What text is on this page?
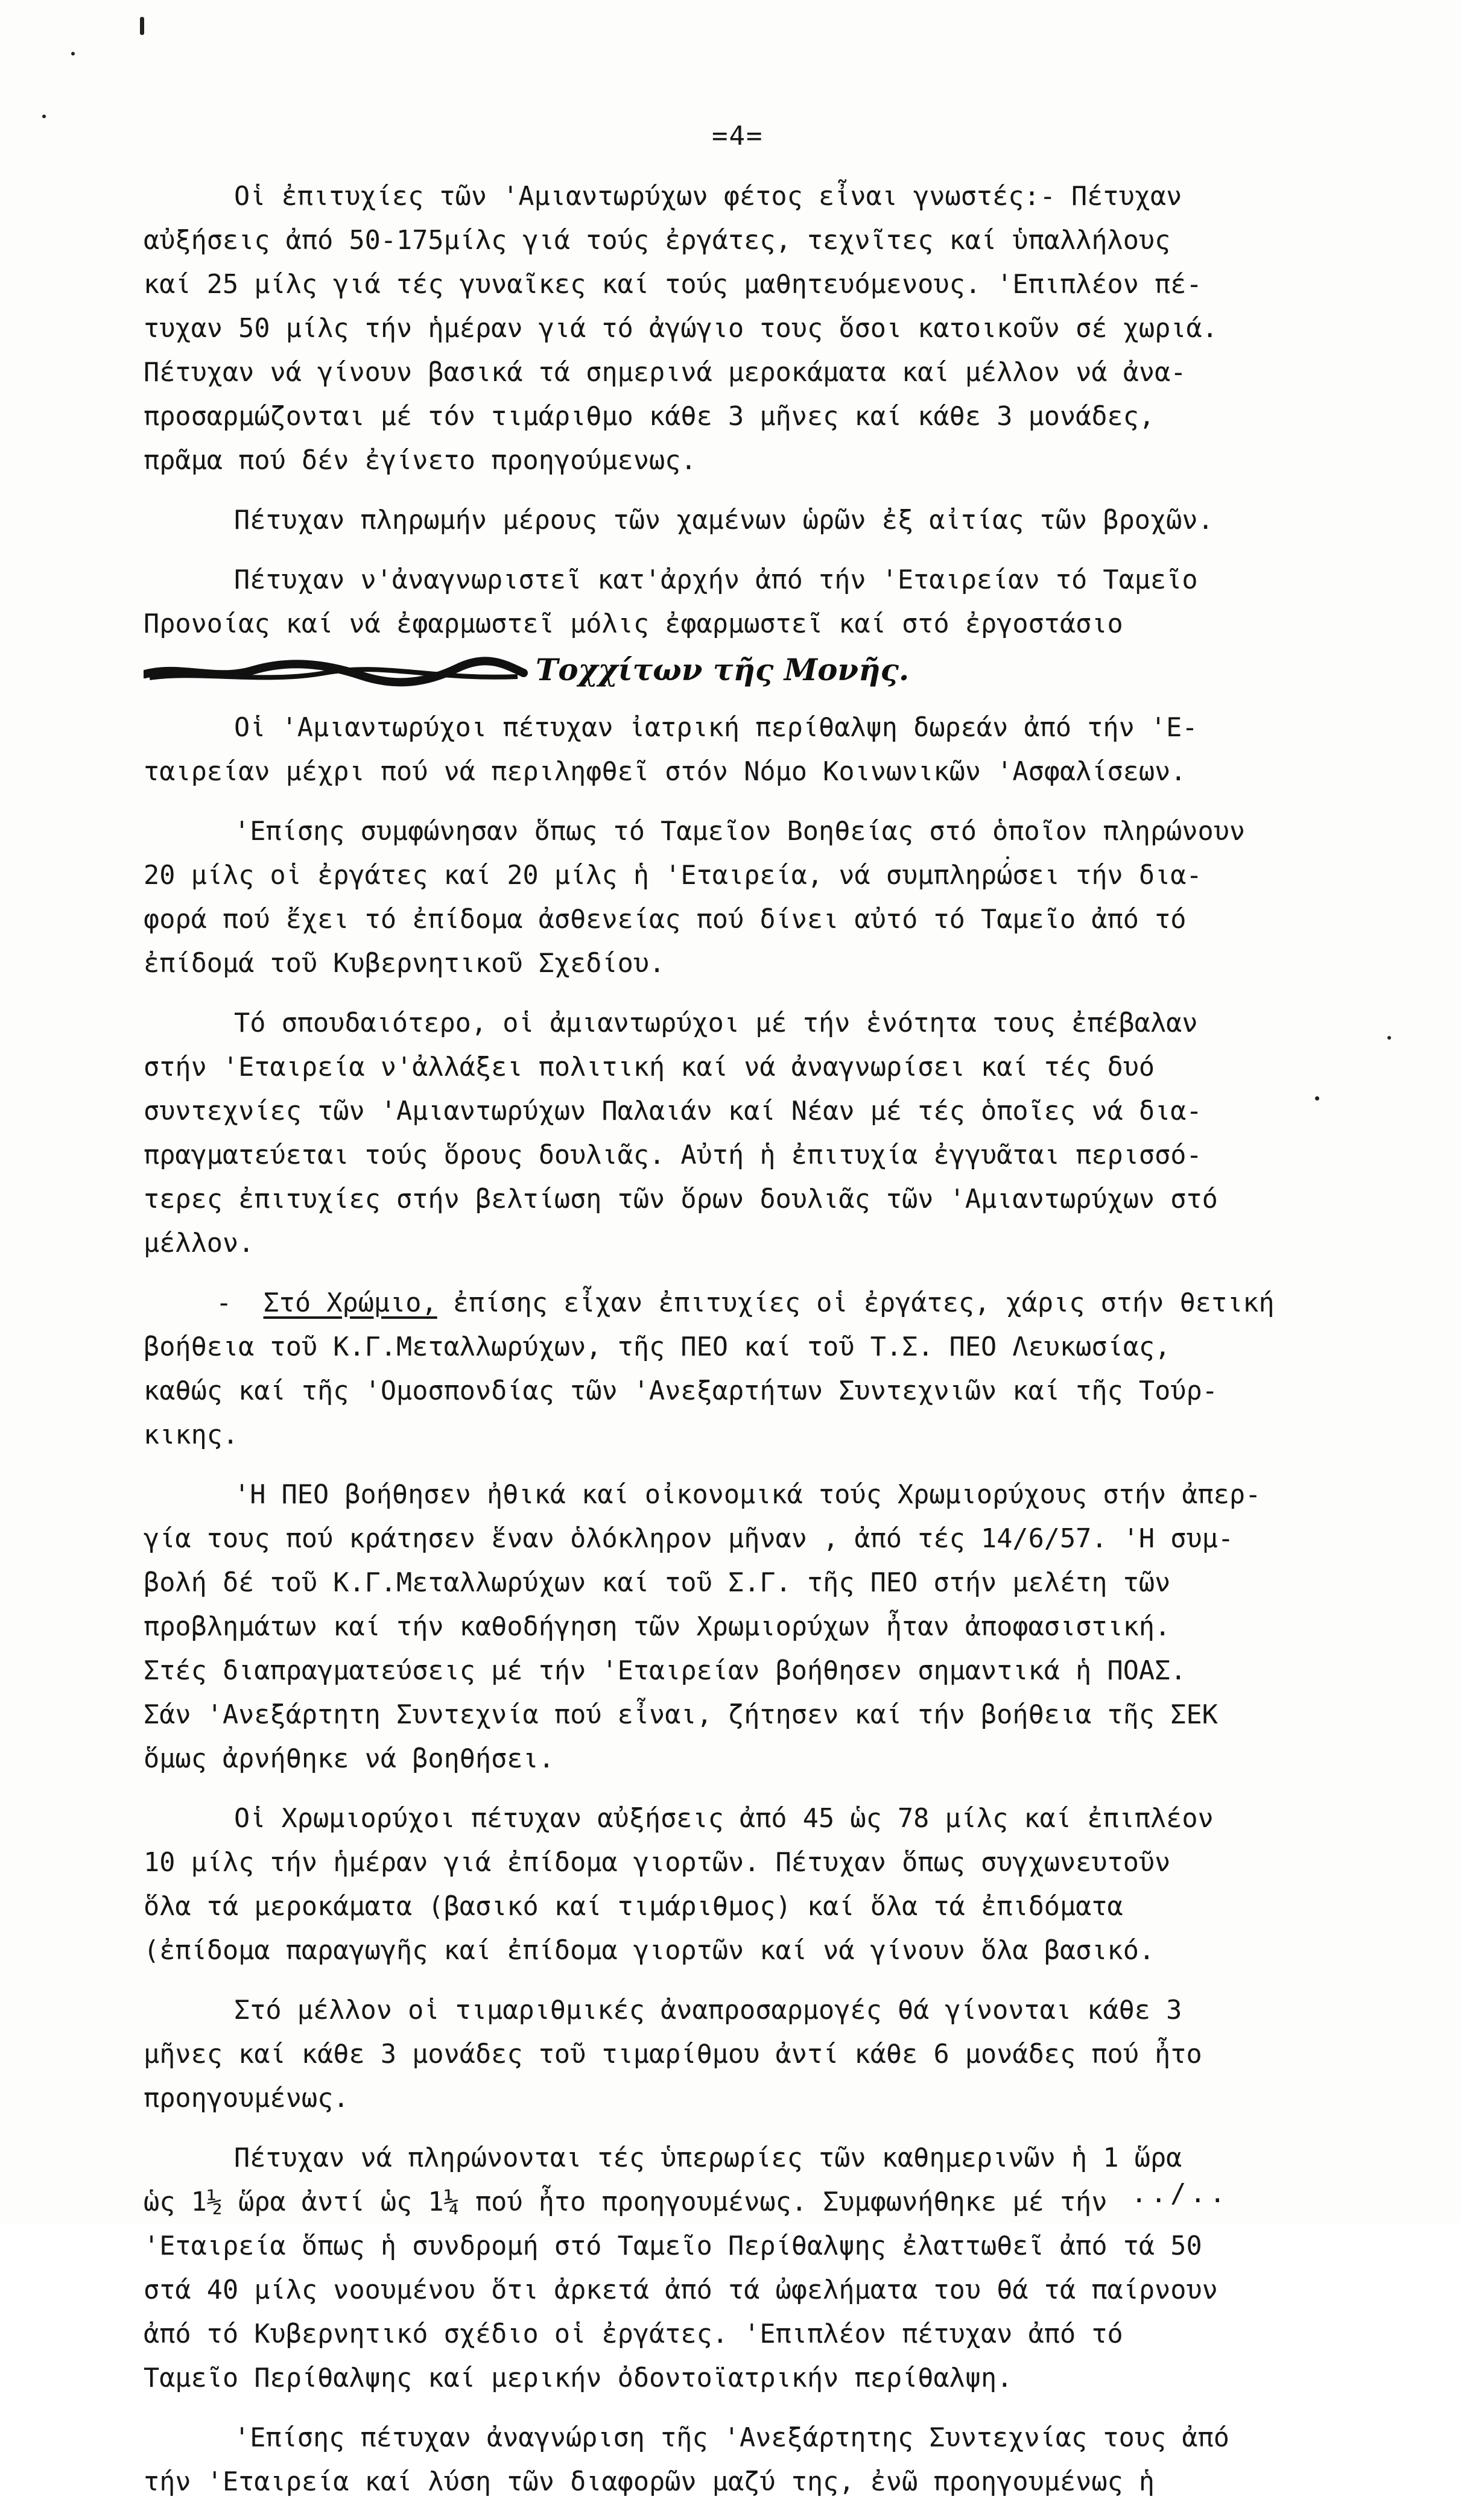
=4=
Οἱ ἐπιτυχίες τῶν 'Αμιαντωρύχων φέτος εἶναι γνωστές:- Πέτυχαν
αὐξήσεις ἀπό 50-175μίλς γιά τούς ἐργάτες, τεχνῖτες καί ὑπαλλήλους
καί 25 μίλς γιά τές γυναῖκες καί τούς μαθητευόμενους. 'Επιπλέον πέ-
τυχαν 50 μίλς τήν ἡμέραν γιά τό ἀγώγιο τους ὅσοι κατοικοῦν σέ χωριά.
Πέτυχαν νά γίνουν βασικά τά σημερινά μεροκάματα καί μέλλον νά ἀνα-
προσαρμώζονται μέ τόν τιμάριθμο κάθε 3 μῆνες καί κάθε 3 μονάδες,
πρᾶμα πού δέν ἐγίνετο προηγούμενως.
Πέτυχαν πληρωμήν μέρους τῶν χαμένων ὡρῶν ἐξ αἰτίας τῶν βροχῶν.
Πέτυχαν ν'ἀναγνωριστεῖ κατ'ἀρχήν ἀπό τήν 'Εταιρείαν τό Ταμεῖο
Προνοίας καί νά ἐφαρμωστεῖ μόλις ἐφαρμωστεῖ καί στό ἐργοστάσιο
Τοχχίτων τῆς Μονῆς.
Οἱ 'Αμιαντωρύχοι πέτυχαν ἰατρική περίθαλψη δωρεάν ἀπό τήν 'Ε-
ταιρείαν μέχρι πού νά περιληφθεῖ στόν Νόμο Κοινωνικῶν 'Ασφαλίσεων.
'Επίσης συμφώνησαν ὅπως τό Ταμεῖον Βοηθείας στό ὁποῖον πληρώνουν
20 μίλς οἱ ἐργάτες καί 20 μίλς ἡ 'Εταιρεία, νά συμπληρώσει τήν δια-
φορά πού ἔχει τό ἐπίδομα ἀσθενείας πού δίνει αὐτό τό Ταμεῖο ἀπό τό
ἐπίδομά τοῦ Κυβερνητικοῦ Σχεδίου.
Τό σπουδαιότερο, οἱ ἀμιαντωρύχοι μέ τήν ἑνότητα τους ἐπέβαλαν
στήν 'Εταιρεία ν'ἀλλάξει πολιτική καί νά ἀναγνωρίσει καί τές δυό
συντεχνίες τῶν 'Αμιαντωρύχων Παλαιάν καί Νέαν μέ τές ὁποῖες νά δια-
πραγματεύεται τούς ὅρους δουλιᾶς. Αὐτή ἡ ἐπιτυχία ἐγγυᾶται περισσό-
τερες ἐπιτυχίες στήν βελτίωση τῶν ὅρων δουλιᾶς τῶν 'Αμιαντωρύχων στό
μέλλον.
-  Στό Χρώμιο, ἐπίσης εἶχαν ἐπιτυχίες οἱ ἐργάτες, χάρις στήν θετική
βοήθεια τοῦ Κ.Γ.Μεταλλωρύχων, τῆς ΠΕΟ καί τοῦ Τ.Σ. ΠΕΟ Λευκωσίας,
καθώς καί τῆς 'Ομοσπονδίας τῶν 'Ανεξαρτήτων Συντεχνιῶν καί τῆς Τούρ-
κικης.
'Η ΠΕΟ βοήθησεν ἠθικά καί οἰκονομικά τούς Χρωμιορύχους στήν ἀπερ-
γία τους πού κράτησεν ἕναν ὁλόκληρον μῆναν , ἀπό τές 14/6/57. 'Η συμ-
βολή δέ τοῦ Κ.Γ.Μεταλλωρύχων καί τοῦ Σ.Γ. τῆς ΠΕΟ στήν μελέτη τῶν
προβλημάτων καί τήν καθοδήγηση τῶν Χρωμιορύχων ἦταν ἀποφασιστική.
Στές διαπραγματεύσεις μέ τήν 'Εταιρείαν βοήθησεν σημαντικά ἡ ΠΟΑΣ.
Σάν 'Ανεξάρτητη Συντεχνία πού εἶναι, ζήτησεν καί τήν βοήθεια τῆς ΣΕΚ
ὅμως ἀρνήθηκε νά βοηθήσει.
Οἱ Χρωμιορύχοι πέτυχαν αὐξήσεις ἀπό 45 ὡς 78 μίλς καί ἐπιπλέον
10 μίλς τήν ἡμέραν γιά ἐπίδομα γιορτῶν. Πέτυχαν ὅπως συγχωνευτοῦν
ὅλα τά μεροκάματα (βασικό καί τιμάριθμος) καί ὅλα τά ἐπιδόματα
(ἐπίδομα παραγωγῆς καί ἐπίδομα γιορτῶν καί νά γίνουν ὅλα βασικό.
Στό μέλλον οἱ τιμαριθμικές ἀναπροσαρμογές θά γίνονται κάθε 3
μῆνες καί κάθε 3 μονάδες τοῦ τιμαρίθμου ἀντί κάθε 6 μονάδες πού ἦτο
προηγουμένως.
Πέτυχαν νά πληρώνονται τές ὑπερωρίες τῶν καθημερινῶν ἡ 1 ὥρα
ὡς 1½ ὥρα ἀντί ὡς 1¼ πού ἦτο προηγουμένως. Συμφωνήθηκε μέ τήν
'Εταιρεία ὅπως ἡ συνδρομή στό Ταμεῖο Περίθαλψης ἐλαττωθεῖ ἀπό τά 50
στά 40 μίλς νοουμένου ὅτι ἀρκετά ἀπό τά ὠφελήματα του θά τά παίρνουν
ἀπό τό Κυβερνητικό σχέδιο οἱ ἐργάτες. 'Επιπλέον πέτυχαν ἀπό τό
Ταμεῖο Περίθαλψης καί μερικήν ὀδοντοϊατρικήν περίθαλψη.
'Επίσης πέτυχαν ἀναγνώριση τῆς 'Ανεξάρτητης Συντεχνίας τους ἀπό
τήν 'Εταιρεία καί λύση τῶν διαφορῶν μαζύ της, ἐνῶ προηγουμένως ἡ
../..
